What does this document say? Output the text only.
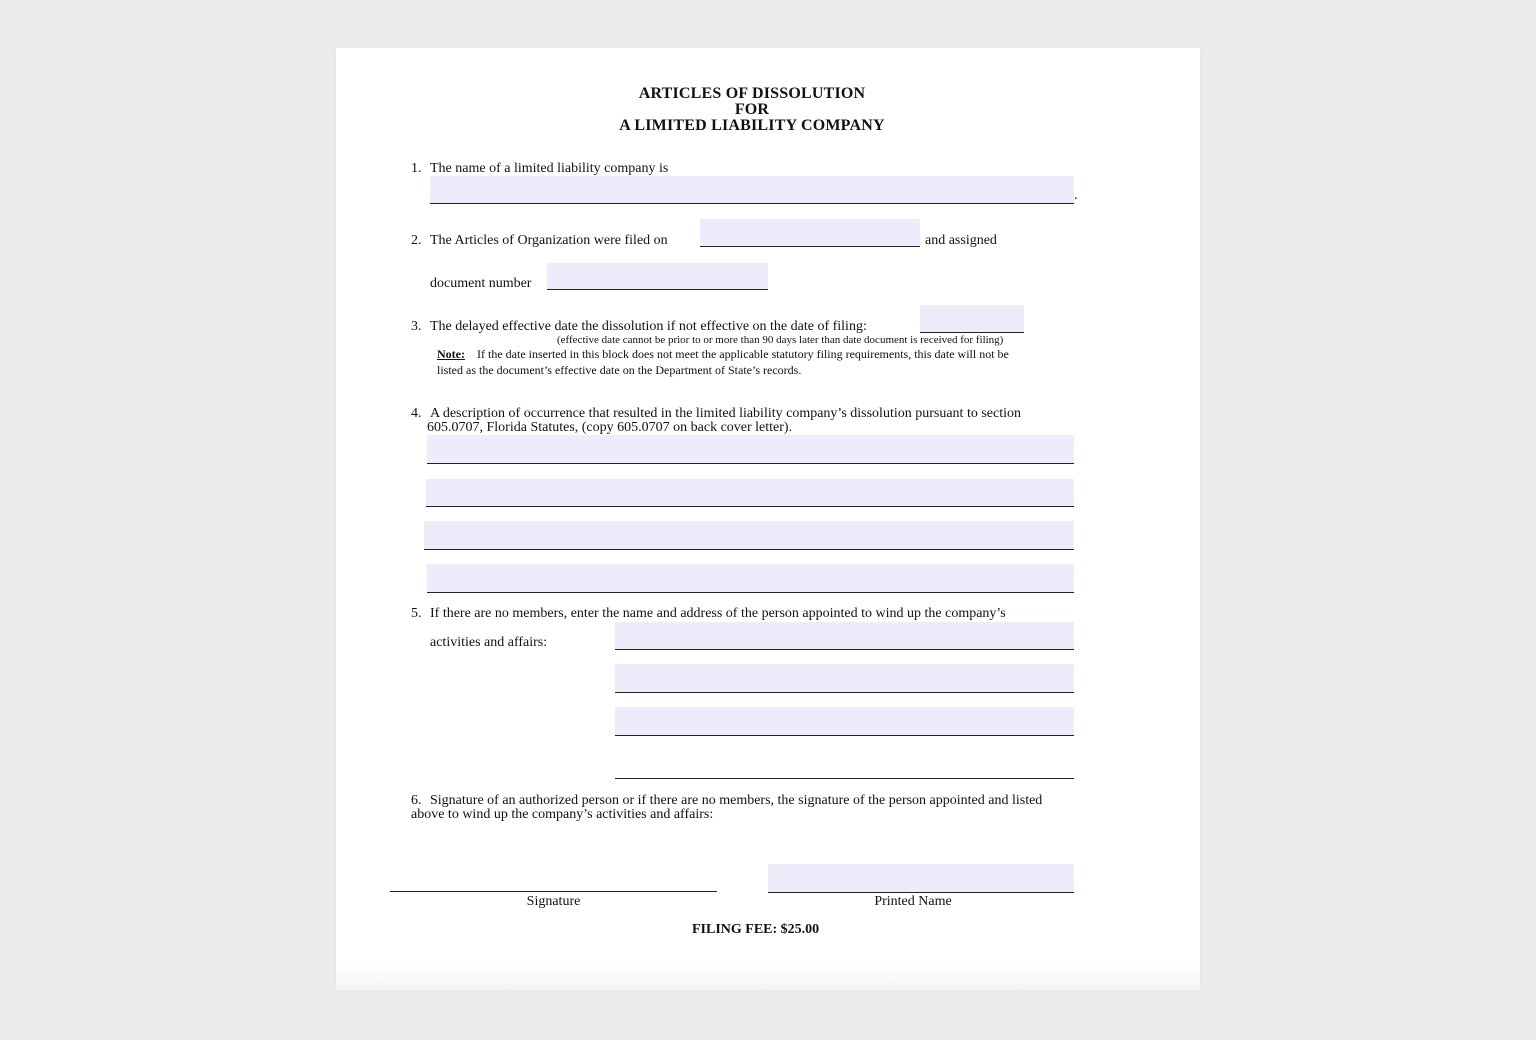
ARTICLES OF DISSOLUTION
FOR
A LIMITED LIABILITY COMPANY
1. The name of a limited liability company is
.
2. The Articles of Organization were filed on	and assigned
document number
3. The delayed effective date the dissolution if not effective on the date of filing:
(effective date cannot be prior to or more than 90 days later than date document is received for filing)
Note: If the date inserted in this block does not meet the applicable statutory filing requirements, this date will not be
listed as the document’s effective date on the Department of State’s records.
4. A description of occurrence that resulted in the limited liability company’s dissolution pursuant to section
605.0707, Florida Statutes, (copy 605.0707 on back cover letter).
5. If there are no members, enter the name and address of the person appointed to wind up the company’s
activities and affairs:
6. Signature of an authorized person or if there are no members, the signature of the person appointed and listed
above to wind up the company’s activities and affairs:
Signature	Printed Name
FILING FEE: $25.00
